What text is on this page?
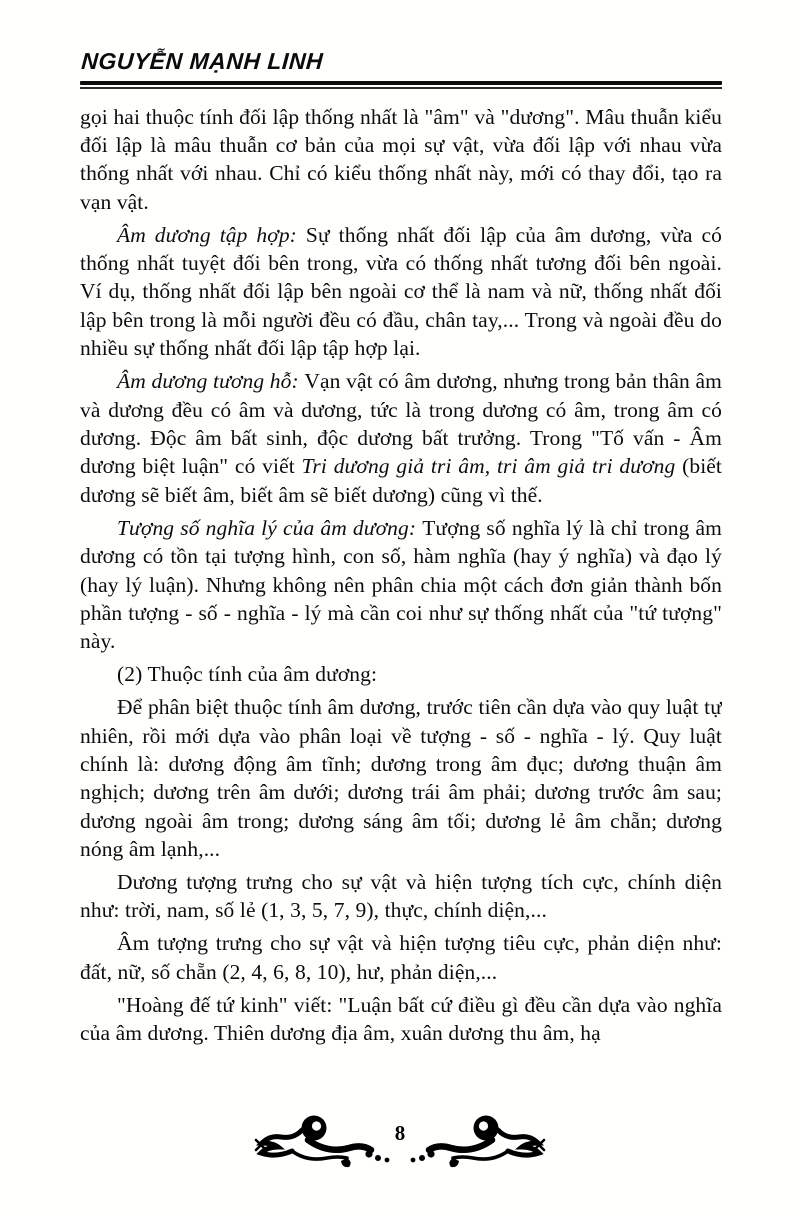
NGUYỄN MẠNH LINH

gọi hai thuộc tính đối lập thống nhất là "âm" và "dương". Mâu thuẫn kiểu đối lập là mâu thuẫn cơ bản của mọi sự vật, vừa đối lập với nhau vừa thống nhất với nhau. Chỉ có kiểu thống nhất này, mới có thay đổi, tạo ra vạn vật.

Âm dương tập hợp: Sự thống nhất đối lập của âm dương, vừa có thống nhất tuyệt đối bên trong, vừa có thống nhất tương đối bên ngoài. Ví dụ, thống nhất đối lập bên ngoài cơ thể là nam và nữ, thống nhất đối lập bên trong là mỗi người đều có đầu, chân tay,... Trong và ngoài đều do nhiều sự thống nhất đối lập tập hợp lại.

Âm dương tương hỗ: Vạn vật có âm dương, nhưng trong bản thân âm và dương đều có âm và dương, tức là trong dương có âm, trong âm có dương. Độc âm bất sinh, độc dương bất trưởng. Trong "Tố vấn - Âm dương biệt luận" có viết Tri dương giả tri âm, tri âm giả tri dương (biết dương sẽ biết âm, biết âm sẽ biết dương) cũng vì thế.

Tượng số nghĩa lý của âm dương: Tượng số nghĩa lý là chỉ trong âm dương có tồn tại tượng hình, con số, hàm nghĩa (hay ý nghĩa) và đạo lý (hay lý luận). Nhưng không nên phân chia một cách đơn giản thành bốn phần tượng - số - nghĩa - lý mà cần coi như sự thống nhất của "tứ tượng" này.

(2) Thuộc tính của âm dương:

Để phân biệt thuộc tính âm dương, trước tiên cần dựa vào quy luật tự nhiên, rồi mới dựa vào phân loại về tượng - số - nghĩa - lý. Quy luật chính là: dương động âm tĩnh; dương trong âm đục; dương thuận âm nghịch; dương trên âm dưới; dương trái âm phải; dương trước âm sau; dương ngoài âm trong; dương sáng âm tối; dương lẻ âm chẵn; dương nóng âm lạnh,...

Dương tượng trưng cho sự vật và hiện tượng tích cực, chính diện như: trời, nam, số lẻ (1, 3, 5, 7, 9), thực, chính diện,...

Âm tượng trưng cho sự vật và hiện tượng tiêu cực, phản diện như: đất, nữ, số chẵn (2, 4, 6, 8, 10), hư, phản diện,...

"Hoàng đế tứ kinh" viết: "Luận bất cứ điều gì đều cần dựa vào nghĩa của âm dương. Thiên dương địa âm, xuân dương thu âm, hạ

8
